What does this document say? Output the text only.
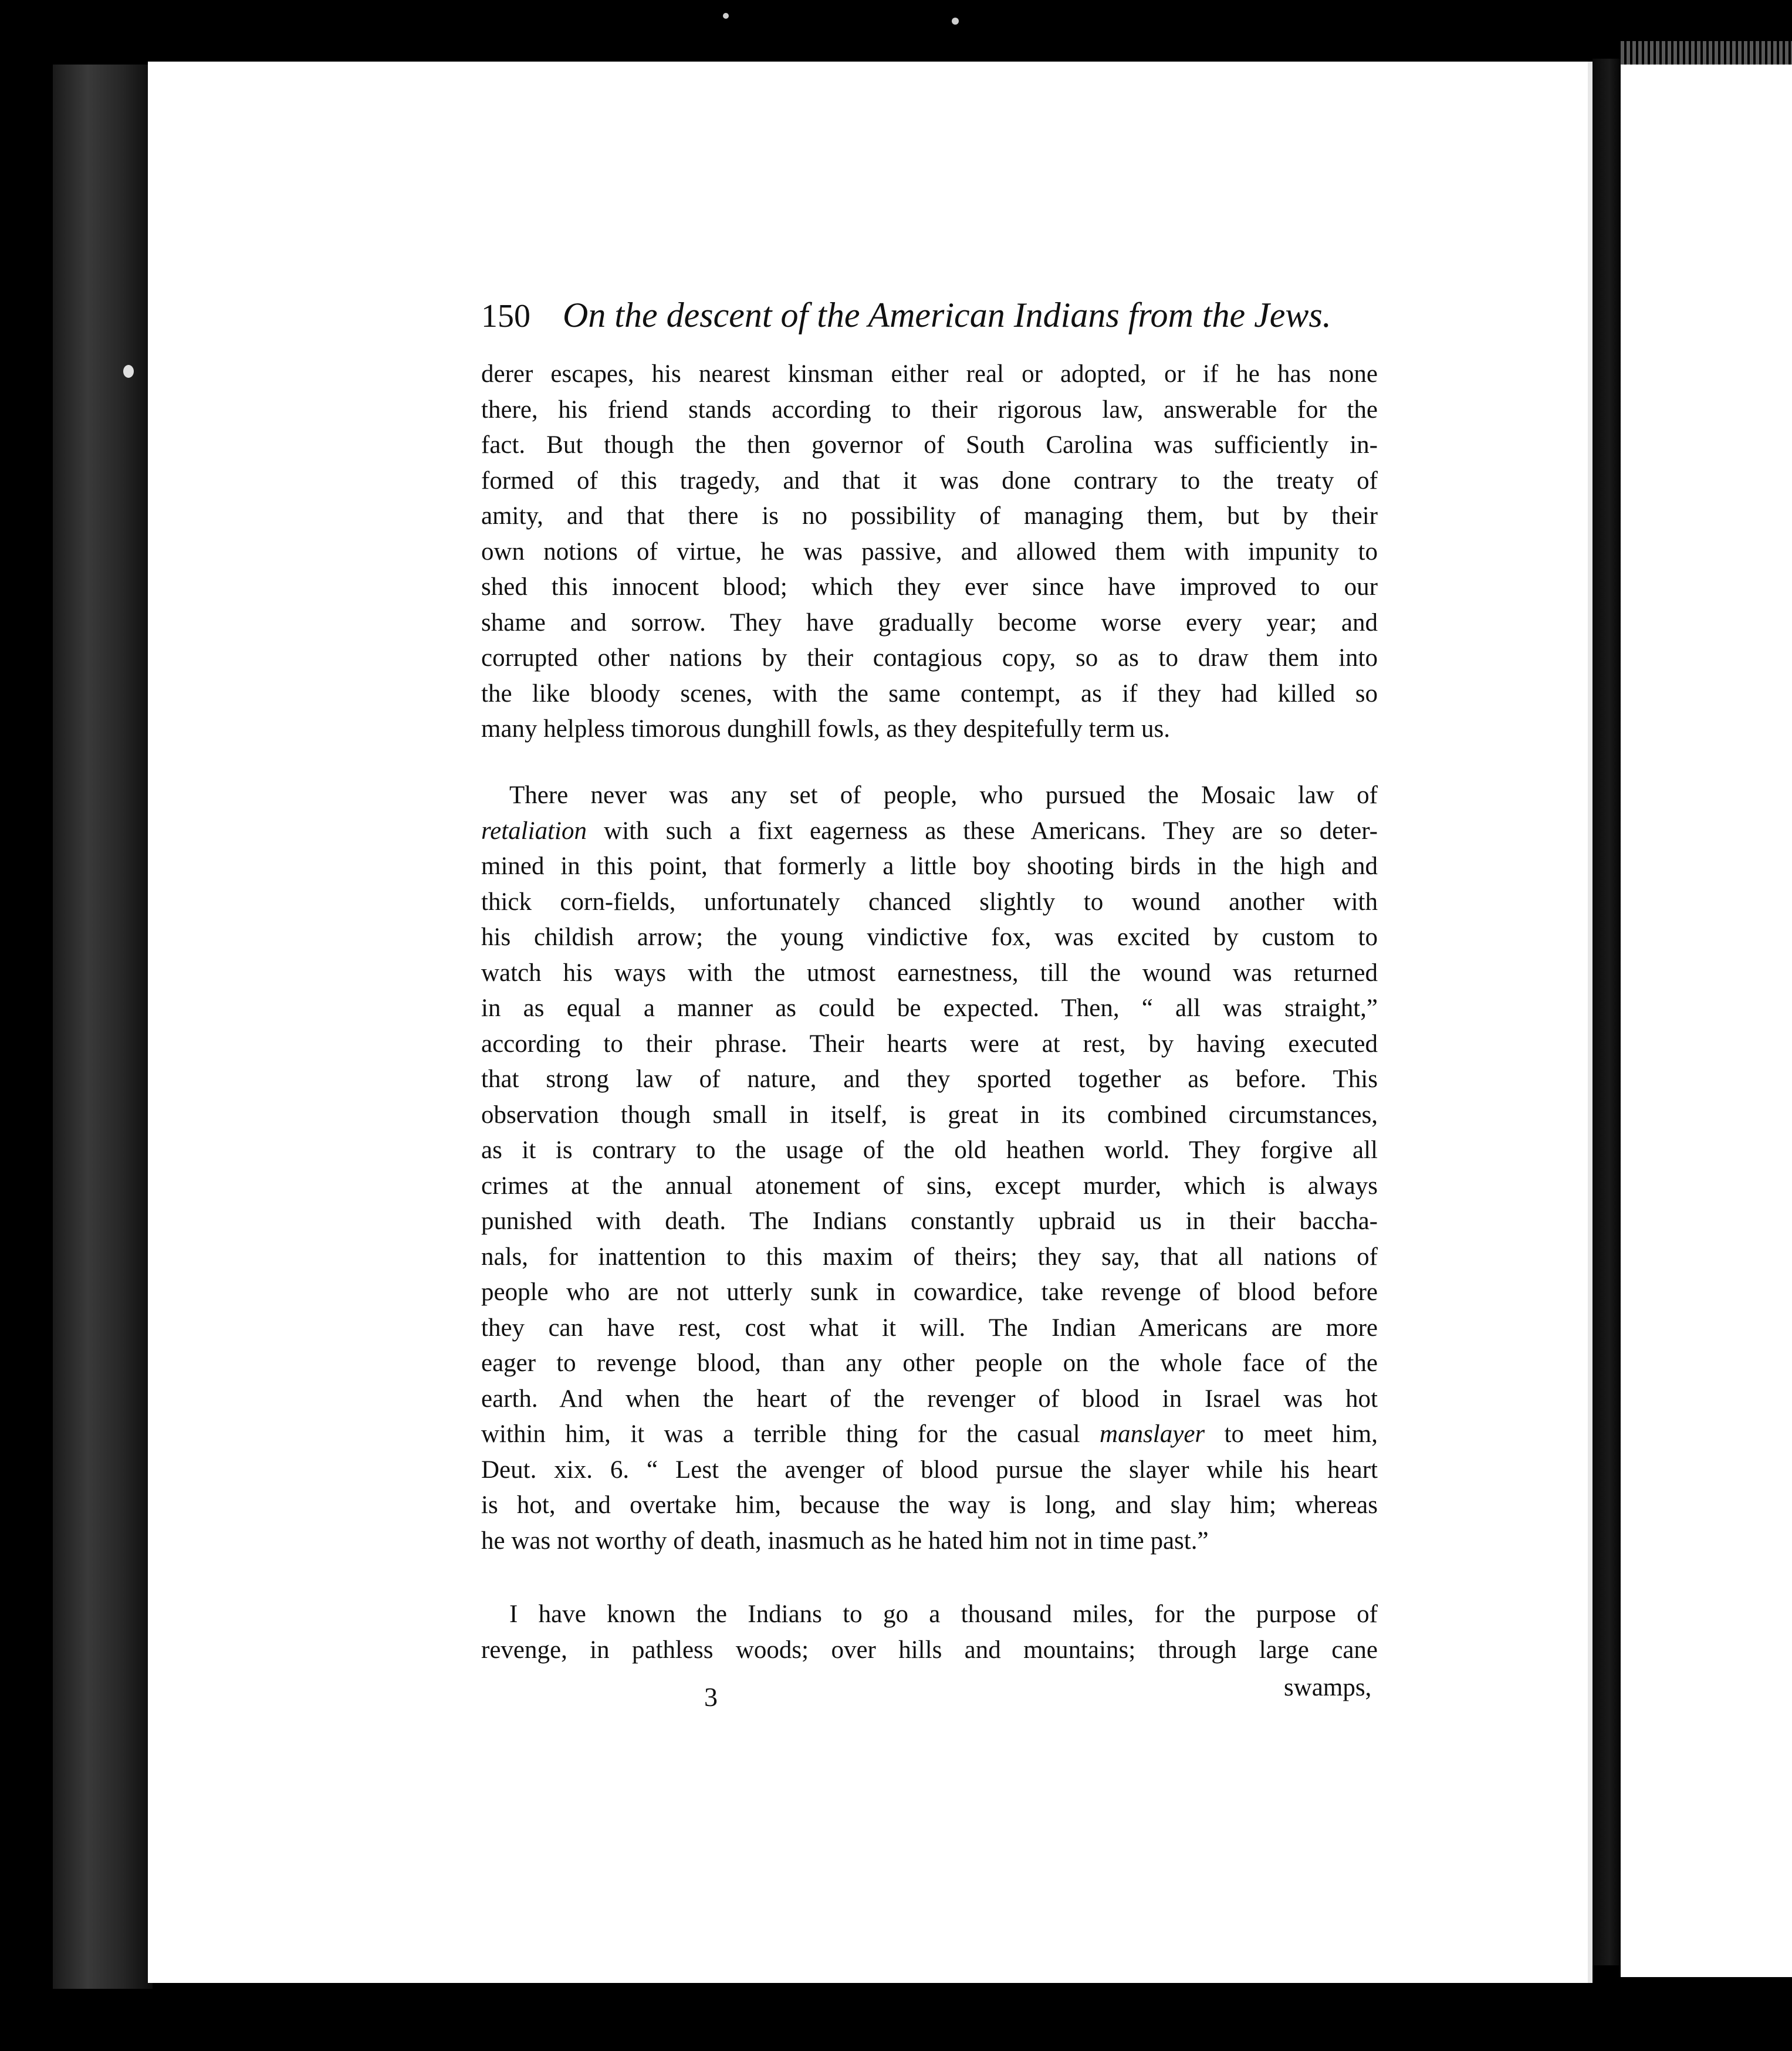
150 On the descent of the American Indians from the Jews.
derer escapes, his nearest kinsman either real or adopted, or if he has none
there, his friend stands according to their rigorous law, answerable for the
fact. But though the then governor of South Carolina was sufficiently in-
formed of this tragedy, and that it was done contrary to the treaty of
amity, and that there is no possibility of managing them, but by their
own notions of virtue, he was passive, and allowed them with impunity to
shed this innocent blood; which they ever since have improved to our
shame and sorrow. They have gradually become worse every year; and
corrupted other nations by their contagious copy, so as to draw them into
the like bloody scenes, with the same contempt, as if they had killed so
many helpless timorous dunghill fowls, as they despitefully term us.
There never was any set of people, who pursued the Mosaic law of
retaliation with such a fixt eagerness as these Americans. They are so deter-
mined in this point, that formerly a little boy shooting birds in the high and
thick corn-fields, unfortunately chanced slightly to wound another with
his childish arrow; the young vindictive fox, was excited by custom to
watch his ways with the utmost earnestness, till the wound was returned
in as equal a manner as could be expected. Then, “ all was straight,”
according to their phrase. Their hearts were at rest, by having executed
that strong law of nature, and they sported together as before. This
observation though small in itself, is great in its combined circumstances,
as it is contrary to the usage of the old heathen world. They forgive all
crimes at the annual atonement of sins, except murder, which is always
punished with death. The Indians constantly upbraid us in their baccha-
nals, for inattention to this maxim of theirs; they say, that all nations of
people who are not utterly sunk in cowardice, take revenge of blood before
they can have rest, cost what it will. The Indian Americans are more
eager to revenge blood, than any other people on the whole face of the
earth. And when the heart of the revenger of blood in Israel was hot
within him, it was a terrible thing for the casual manslayer to meet him,
Deut. xix. 6. “ Lest the avenger of blood pursue the slayer while his heart
is hot, and overtake him, because the way is long, and slay him; whereas
he was not worthy of death, inasmuch as he hated him not in time past.”
I have known the Indians to go a thousand miles, for the purpose of
revenge, in pathless woods; over hills and mountains; through large cane
3	swamps,
